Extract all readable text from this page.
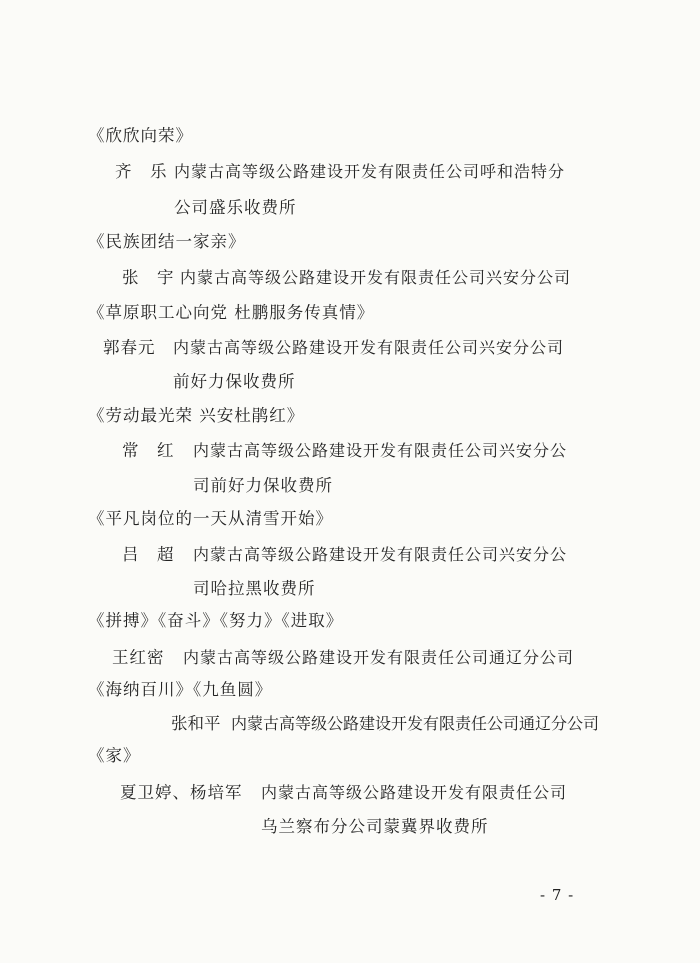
《欣欣向荣》
齐　乐 内蒙古高等级公路建设开发有限责任公司呼和浩特分
公司盛乐收费所
《民族团结一家亲》
张　宇 内蒙古高等级公路建设开发有限责任公司兴安分公司
《草原职工心向党 杜鹏服务传真情》
郭春元 内蒙古高等级公路建设开发有限责任公司兴安分公司
前好力保收费所
《劳动最光荣 兴安杜鹃红》
常　红 内蒙古高等级公路建设开发有限责任公司兴安分公
司前好力保收费所
《平凡岗位的一天从清雪开始》
吕　超 内蒙古高等级公路建设开发有限责任公司兴安分公
司哈拉黑收费所
《拼搏》《奋斗》《努力》《进取》
王红密 内蒙古高等级公路建设开发有限责任公司通辽分公司
《海纳百川》《九鱼圆》
张和平 内蒙古高等级公路建设开发有限责任公司通辽分公司
《家》
夏卫婷、杨培军 内蒙古高等级公路建设开发有限责任公司
乌兰察布分公司蒙冀界收费所
- 7 -
